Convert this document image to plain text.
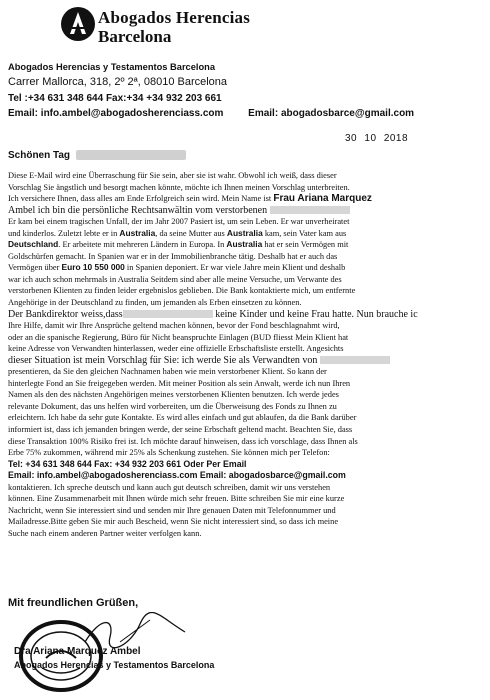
Abogados Herencias
Barcelona
Abogados Herencias y Testamentos Barcelona
Carrer Mallorca, 318, 2º 2ª, 08010 Barcelona
Tel :+34 631 348 644 Fax:+34 +34 932 203 661
Email: info.ambel@abogadosherenciass.com Email: abogadosbarce@gmail.com
30 10 2018
Schönen Tag
Diese E-Mail wird eine Überraschung für Sie sein, aber sie ist wahr. Obwohl ich weiß, dass dieser
Vorschlag Sie ängstlich und besorgt machen könnte, möchte ich Ihnen meinen Vorschlag unterbreiten.
Ich versichere Ihnen, dass alles am Ende Erfolgreich sein wird. Mein Name ist Frau Ariana Marquez
Ambel ich bin die persönliche Rechtsanwältin vom verstorbenen
Er kam bei einem tragischen Unfall, der im Jahr 2007 Pasiert ist, um sein Leben. Er war unverheiratet
und kinderlos. Zuletzt lebte er in Australia, da seine Mutter aus Australia kam, sein Vater kam aus
Deutschland. Er arbeitete mit mehreren Ländern in Europa. In Australia hat er sein Vermögen mit
Goldschürfen gemacht. In Spanien war er in der Immobilienbranche tätig. Deshalb hat er auch das
Vermögen über Euro 10 550 000 in Spanien deponiert. Er war viele Jahre mein Klient und deshalb
war ich auch schon mehrmals in Australia Seitdem sind aber alle meine Versuche, um Verwante des
verstorbenen Klienten zu finden leider ergebnislos geblieben. Die Bank kontaktierte mich, um entfernte
Angehörige in der Deutschland zu finden, um jemanden als Erben einsetzen zu können.
Der Bankdirektor weiss,dass	keine Kinder und keine Frau hatte. Nun brauche ic
Ihre Hilfe, damit wir Ihre Ansprüche geltend machen können, bevor der Fond beschlagnahmt wird,
oder an die spanische Regierung, Büro für Nicht beanspruchte Einlagen (BUD fliesst Mein Klient hat
keine Adresse von Verwandten hinterlassen, weder eine offizielle Erbschaftsliste erstellt. Angesichts
dieser Situation ist mein Vorschlag für Sie: ich werde Sie als Verwandten von
presentieren, da Sie den gleichen Nachnamen haben wie mein verstorbener Klient. So kann der
hinterlegte Fond an Sie freigegeben werden. Mit meiner Position als sein Anwalt, werde ich nun Ihren
Namen als den des nächsten Angehörigen meines verstorbenen Klienten benutzen. Ich werde jedes
relevante Dokument, das uns helfen wird vorbereiten, um die Überweisung des Fonds zu Ihnen zu
erleichtern. Ich habe da sehr gute Kontakte. Es wird alles einfach und gut ablaufen, da die Bank darüber
informiert ist, dass ich jemanden bringen werde, der seine Erbschaft geltend macht. Beachten Sie, dass
diese Transaktion 100% Risiko frei ist. Ich möchte darauf hinweisen, dass ich vorschlage, dass Ihnen als
Erbe 75% zukommen, während mir 25% als Schenkung zustehen. Sie können mich per Telefon:
Tel: +34 631 348 644 Fax: +34 932 203 661 Oder Per Email
Email: info.ambel@abogadosherenciass.com Email: abogadosbarce@gmail.com
kontaktieren. Ich spreche deutsch und kann auch gut deutsch schreiben, damit wir uns verstehen
können. Eine Zusammenarbeit mit Ihnen würde mich sehr freuen. Bitte schreiben Sie mir eine kurze
Nachricht, wenn Sie interessiert sind und senden mir Ihre genauen Daten mit Telefonnummer und
Mailadresse.Bitte geben Sie mir auch Bescheid, wenn Sie nicht interessiert sind, so dass ich meine
Suche nach einem anderen Partner weiter verfolgen kann.
Mit freundlichen Grüßen,
Dra Ariana Marquez Ambel
Abogados Herencias y Testamentos Barcelona
